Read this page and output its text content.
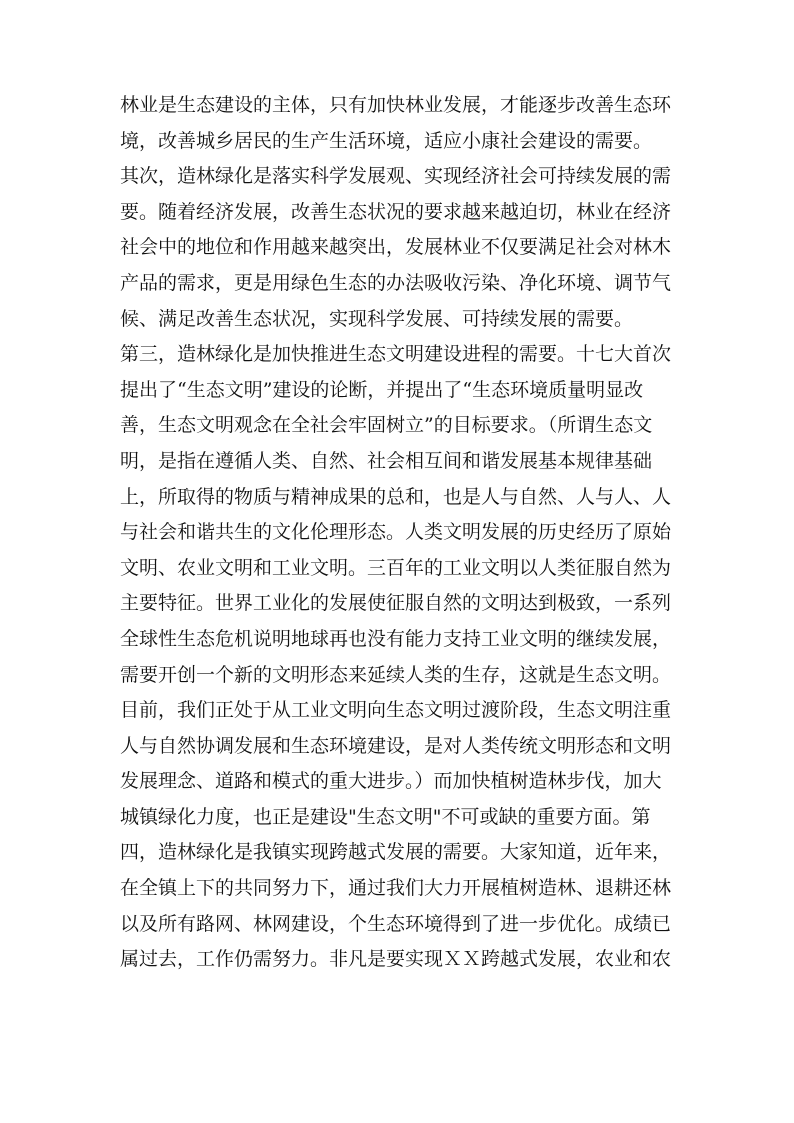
林业是生态建设的主体，只有加快林业发展，才能逐步改善生态环
境，改善城乡居民的生产生活环境，适应小康社会建设的需要。
其次，造林绿化是落实科学发展观、实现经济社会可持续发展的需
要。随着经济发展，改善生态状况的要求越来越迫切，林业在经济
社会中的地位和作用越来越突出，发展林业不仅要满足社会对林木
产品的需求，更是用绿色生态的办法吸收污染、净化环境、调节气
候、满足改善生态状况，实现科学发展、可持续发展的需要。
第三，造林绿化是加快推进生态文明建设进程的需要。十七大首次
提出了“生态文明”建设的论断，并提出了“生态环境质量明显改
善，生态文明观念在全社会牢固树立”的目标要求。（所谓生态文
明，是指在遵循人类、自然、社会相互间和谐发展基本规律基础
上，所取得的物质与精神成果的总和，也是人与自然、人与人、人
与社会和谐共生的文化伦理形态。人类文明发展的历史经历了原始
文明、农业文明和工业文明。三百年的工业文明以人类征服自然为
主要特征。世界工业化的发展使征服自然的文明达到极致，一系列
全球性生态危机说明地球再也没有能力支持工业文明的继续发展，
需要开创一个新的文明形态来延续人类的生存，这就是生态文明。
目前，我们正处于从工业文明向生态文明过渡阶段，生态文明注重
人与自然协调发展和生态环境建设，是对人类传统文明形态和文明
发展理念、道路和模式的重大进步。）而加快植树造林步伐，加大
城镇绿化力度，也正是建设"生态文明"不可或缺的重要方面。第
四，造林绿化是我镇实现跨越式发展的需要。大家知道，近年来，
在全镇上下的共同努力下，通过我们大力开展植树造林、退耕还林
以及所有路网、林网建设，个生态环境得到了进一步优化。成绩已
属过去，工作仍需努力。非凡是要实现ＸＸ跨越式发展，农业和农
